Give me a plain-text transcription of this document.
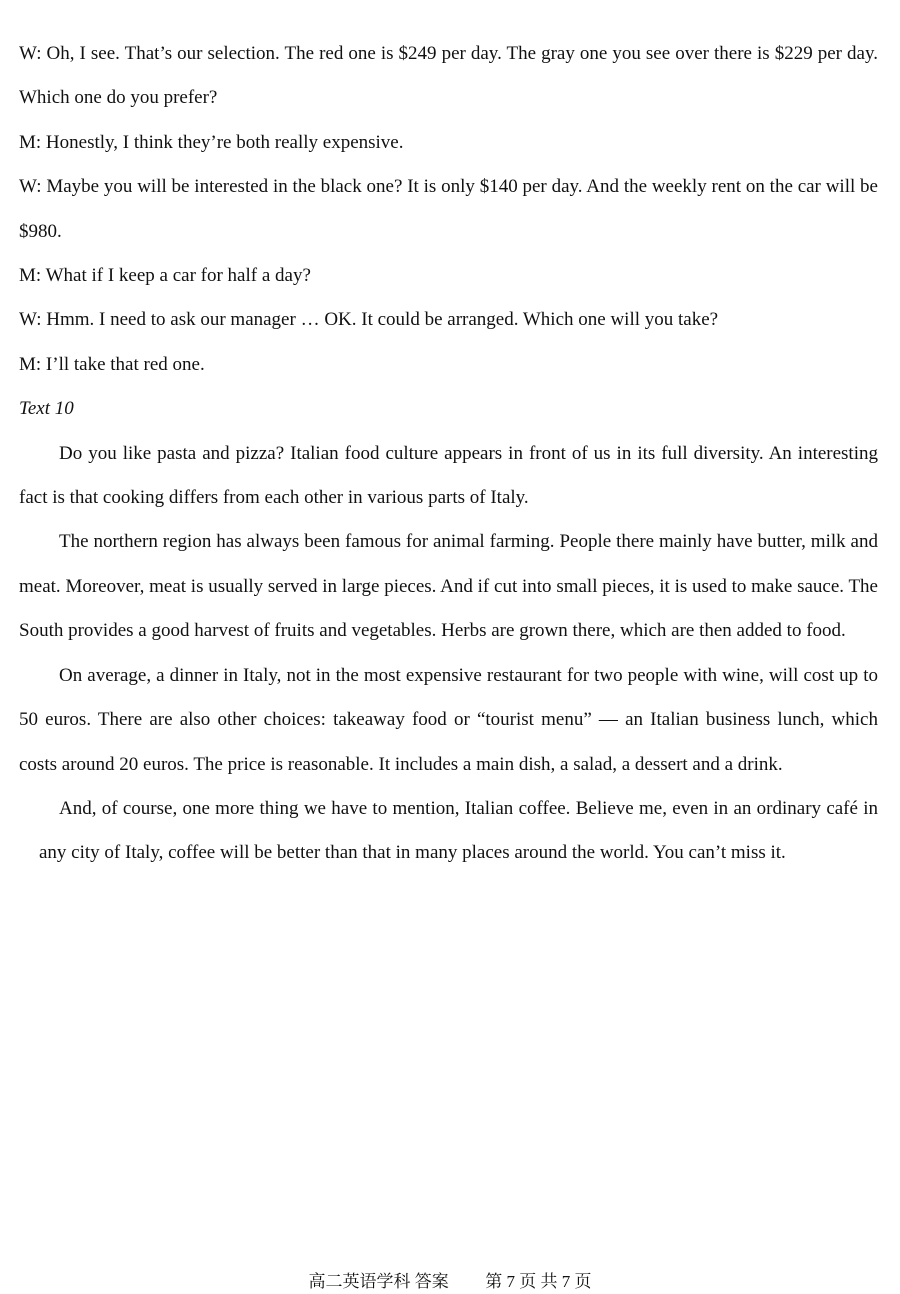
W: Oh, I see. That’s our selection. The red one is $249 per day. The gray one you see over there is $229 per day. Which one do you prefer?

M: Honestly, I think they’re both really expensive.

W: Maybe you will be interested in the black one? It is only $140 per day. And the weekly rent on the car will be $980.

M: What if I keep a car for half a day?

W: Hmm. I need to ask our manager … OK. It could be arranged. Which one will you take?

M: I’ll take that red one.

Text 10

Do you like pasta and pizza? Italian food culture appears in front of us in its full diversity. An interesting fact is that cooking differs from each other in various parts of Italy.

The northern region has always been famous for animal farming. People there mainly have butter, milk and meat. Moreover, meat is usually served in large pieces. And if cut into small pieces, it is used to make sauce. The South provides a good harvest of fruits and vegetables. Herbs are grown there, which are then added to food.

On average, a dinner in Italy, not in the most expensive restaurant for two people with wine, will cost up to 50 euros. There are also other choices: takeaway food or “tourist menu” — an Italian business lunch, which costs around 20 euros. The price is reasonable. It includes a main dish, a salad, a dessert and a drink.

And, of course, one more thing we have to mention, Italian coffee. Believe me, even in an ordinary café in any city of Italy, coffee will be better than that in many places around the world. You can’t miss it.

高二英语学科 答案 第 7 页 共 7 页
